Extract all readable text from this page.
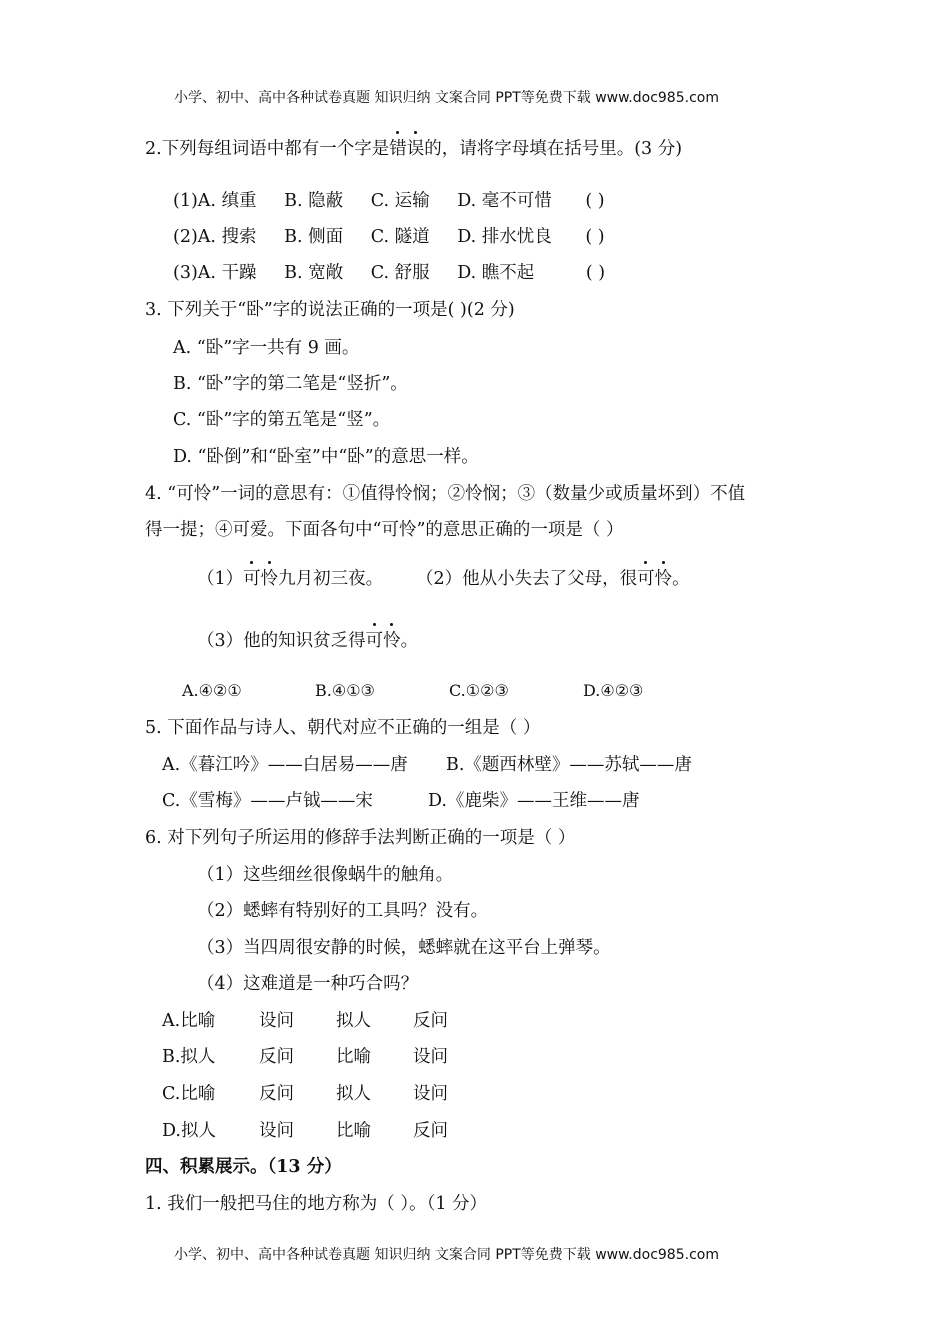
小学、初中、高中各种试卷真题 知识归纳 文案合同 PPT等免费下载 www.doc985.com
2.下列每组词语中都有一个字是错误的，请将字母填在括号里。(3 分)
(1)A. 缜重 B. 隐蔽 C. 运输 D. 毫不可惜 ( )
(2)A. 搜索 B. 侧面 C. 隧道 D. 排水忧良 ( )
(3)A. 干躁 B. 宽敞 C. 舒服 D. 瞧不起	( )
3. 下列关于“卧”字的说法正确的一项是( )(2 分)
A. “卧”字一共有 9 画。
B. “卧”字的第二笔是“竖折”。
C. “卧”字的第五笔是“竖”。
D. “卧倒”和“卧室”中“卧”的意思一样。
4. “可怜”一词的意思有：①值得怜悯；②怜悯；③（数量少或质量坏到）不值
得一提；④可爱。下面各句中“可怜”的意思正确的一项是（ ）
（1）可怜九月初三夜。 （2）他从小失去了父母，很可怜。
（3）他的知识贫乏得可怜。
A.④②①	B.④①③	C.①②③	D.④②③
5. 下面作品与诗人、朝代对应不正确的一组是（ ）
A.《暮江吟》——白居易——唐 B.《题西林壁》——苏轼——唐
C.《雪梅》——卢钺——宋	D.《鹿柴》——王维——唐
6. 对下列句子所运用的修辞手法判断正确的一项是（ ）
（1）这些细丝很像蜗牛的触角。
（2）蟋蟀有特别好的工具吗？没有。
（3）当四周很安静的时候，蟋蟀就在这平台上弹琴。
（4）这难道是一种巧合吗？
A.比喻	设问 拟人 反问
B.拟人 反问 比喻 设问
C.比喻 反问 拟人 设问
D.拟人 设问 比喻 反问
四、积累展示。（13 分）
1. 我们一般把马住的地方称为（ ）。（1 分）
小学、初中、高中各种试卷真题 知识归纳 文案合同 PPT等免费下载 www.doc985.com
